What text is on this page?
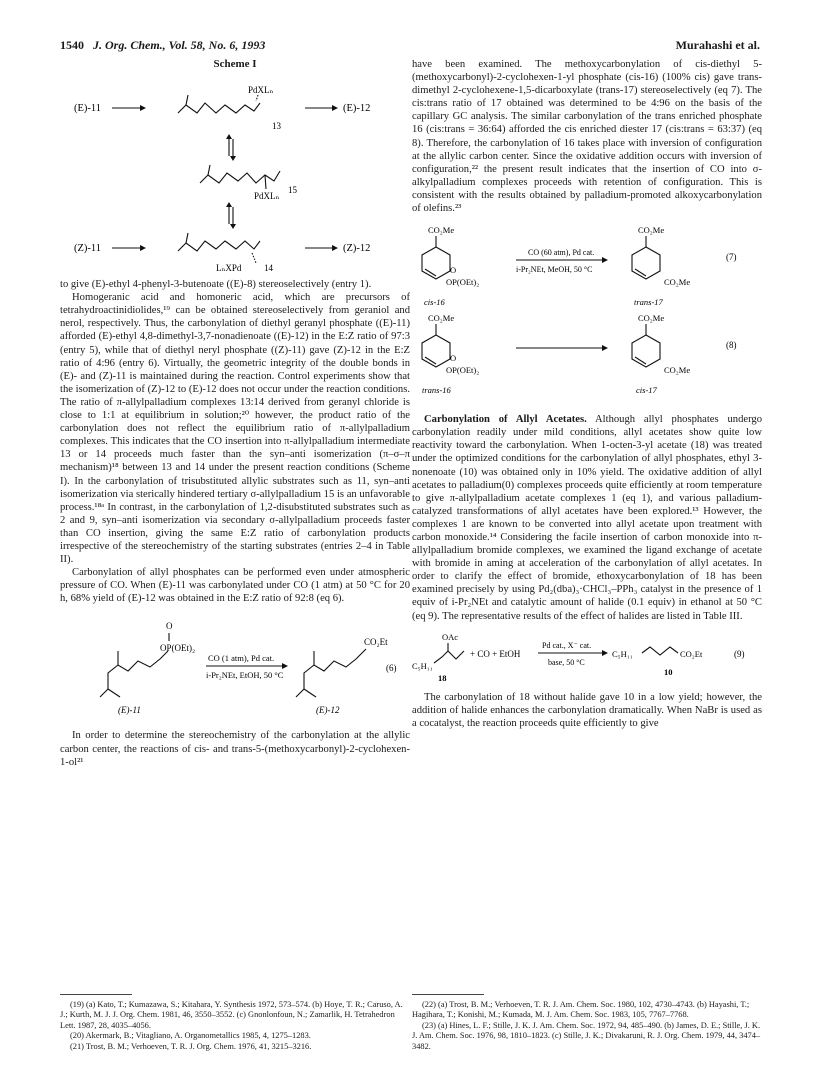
1540 J. Org. Chem., Vol. 58, No. 6, 1993	Murahashi et al.
Scheme I
(E)-11
PdXLₙ
13
(E)-12
PdXLₙ
15
(Z)-11
LₙXPd	14
(Z)-12

to give (E)-ethyl 4-phenyl-3-butenoate ((E)-8) stereoselectively (entry 1).

Homogeranic acid and homoneric acid, which are precursors of tetrahydroactinidiolides,¹⁹ can be obtained stereoselectively from geraniol and nerol, respectively. Thus, the carbonylation of diethyl geranyl phosphate ((E)-11) afforded (E)-ethyl 4,8-dimethyl-3,7-nonadienoate ((E)-12) in the E:Z ratio of 97:3 (entry 5), while that of diethyl neryl phosphate ((Z)-11) gave (Z)-12 in the E:Z ratio of 4:96 (entry 6). Virtually, the geometric integrity of the double bonds in (E)- and (Z)-11 is maintained during the reaction. Control experiments show that the isomerization of (Z)-12 to (E)-12 does not occur under the reaction conditions. The ratio of π-allylpalladium complexes 13:14 derived from geranyl chloride is close to 1:1 at equilibrium in solution;²⁰ however, the product ratio of the carbonylation does not reflect the equilibrium ratio of π-allylpalladium complexes. This indicates that the CO insertion into π-allylpalladium intermediate 13 or 14 proceeds much faster than the syn–anti isomerization (π–σ–π mechanism)¹⁸ between 13 and 14 under the present reaction conditions (Scheme I). In the carbonylation of trisubstituted allylic substrates such as 11, syn–anti isomerization via sterically hindered tertiary σ-allylpalladium 15 is an unfavorable process.¹⁸ᵃ In contrast, in the carbonylation of 1,2-disubstituted substrates such as 2 and 9, syn–anti isomerization via secondary σ-allylpalladium proceeds faster than CO insertion, giving the same E:Z ratio of carbonylation products irrespective of the stereochemistry of the starting substrates (entries 2–4 in Table II).

Carbonylation of allyl phosphates can be performed even under atmospheric pressure of CO. When (E)-11 was carbonylated under CO (1 atm) at 50 °C for 20 h, 68% yield of (E)-12 was obtained in the E:Z ratio of 92:8 (eq 6).

O
OP(OEt)₂
CO (1 atm), Pd cat.
i-Pr₂NEt, EtOH, 50 °C
CO₂Et
(6)
(E)-11	(E)-12

In order to determine the stereochemistry of the carbonylation at the allylic carbon center, the reactions of cis- and trans-5-(methoxycarbonyl)-2-cyclohexen-1-ol²¹

have been examined. The methoxycarbonylation of cis-diethyl 5-(methoxycarbonyl)-2-cyclohexen-1-yl phosphate (cis-16) (100% cis) gave trans-dimethyl 2-cyclohexene-1,5-dicarboxylate (trans-17) stereoselectively (eq 7). The cis:trans ratio of 17 obtained was determined to be 4:96 on the basis of the capillary GC analysis. The similar carbonylation of the trans enriched phosphate 16 (cis:trans = 36:64) afforded the cis enriched diester 17 (cis:trans = 63:37) (eq 8). Therefore, the carbonylation of 16 takes place with inversion of configuration at the allylic carbon center. Since the oxidative addition occurs with inversion of configuration,²² the present result indicates that the insertion of CO into σ-alkylpalladium complexes proceeds with retention of configuration. This is consistent with the results obtained by palladium-promoted alkoxycarbonylation of olefins.²³

CO₂Me
O
OP(OEt)₂
CO (60 atm), Pd cat.
i-Pr₂NEt, MeOH, 50 °C
CO₂Me
CO₂Me
(7)
cis-16	trans-17
CO₂Me
O
OP(OEt)₂
CO₂Me
CO₂Me
(8)
trans-16	cis-17

Carbonylation of Allyl Acetates. Although allyl phosphates undergo carbonylation readily under mild conditions, allyl acetates show quite low reactivity toward the carbonylation. When 1-octen-3-yl acetate (18) was treated under the optimized conditions for the carbonylation of allyl phosphates, ethyl 3-nonenoate (10) was obtained only in 10% yield. The oxidative addition of allyl acetates to palladium(0) complexes proceeds quite efficiently at room temperature to give π-allylpalladium acetate complexes 1 (eq 1), and various palladium-catalyzed transformations of allyl acetates have been explored.¹³ However, the complexes 1 are known to be converted into allyl acetate upon treatment with carbon monoxide.¹⁴ Considering the facile insertion of carbon monoxide into π-allylpalladium bromide complexes, we examined the ligand exchange of acetate with bromide in aming at acceleration of the carbonylation of allyl acetates. In order to clarify the effect of bromide, ethoxycarbonylation of 18 has been examined precisely by using Pd₂(dba)₃·CHCl₃–PPh₃ catalyst in the presence of 1 equiv of i-Pr₂NEt and catalytic amount of halide (0.1 equiv) in ethanol at 50 °C (eq 9). The representative results of the effect of halides are listed in Table III.

OAc
C₅H₁₁
+ CO + EtOH
Pd cat., X⁻ cat.
base, 50 °C
C₅H₁₁	CO₂Et	(9)
18
10

The carbonylation of 18 without halide gave 10 in a low yield; however, the addition of halide enhances the carbonylation dramatically. When NaBr is used as a cocatalyst, the reaction proceeds quite efficiently to give

(19) (a) Kato, T.; Kumazawa, S.; Kitahara, Y. Synthesis 1972, 573–574. (b) Hoye, T. R.; Caruso, A. J.; Kurth, M. J. J. Org. Chem. 1981, 46, 3550–3552. (c) Gnonlonfoun, N.; Zamarlik, H. Tetrahedron Lett. 1987, 28, 4035–4056.
(20) Akermark, B.; Vitagliano, A. Organometallics 1985, 4, 1275–1283.
(21) Trost, B. M.; Verhoeven, T. R. J. Org. Chem. 1976, 41, 3215–3216.
(22) (a) Trost, B. M.; Verhoeven, T. R. J. Am. Chem. Soc. 1980, 102, 4730–4743. (b) Hayashi, T.; Hagihara, T.; Konishi, M.; Kumada, M. J. Am. Chem. Soc. 1983, 105, 7767–7768.
(23) (a) Hines, L. F.; Stille, J. K. J. Am. Chem. Soc. 1972, 94, 485–490. (b) James, D. E.; Stille, J. K. J. Am. Chem. Soc. 1976, 98, 1810–1823. (c) Stille, J. K.; Divakaruni, R. J. Org. Chem. 1979, 44, 3474–3482.
